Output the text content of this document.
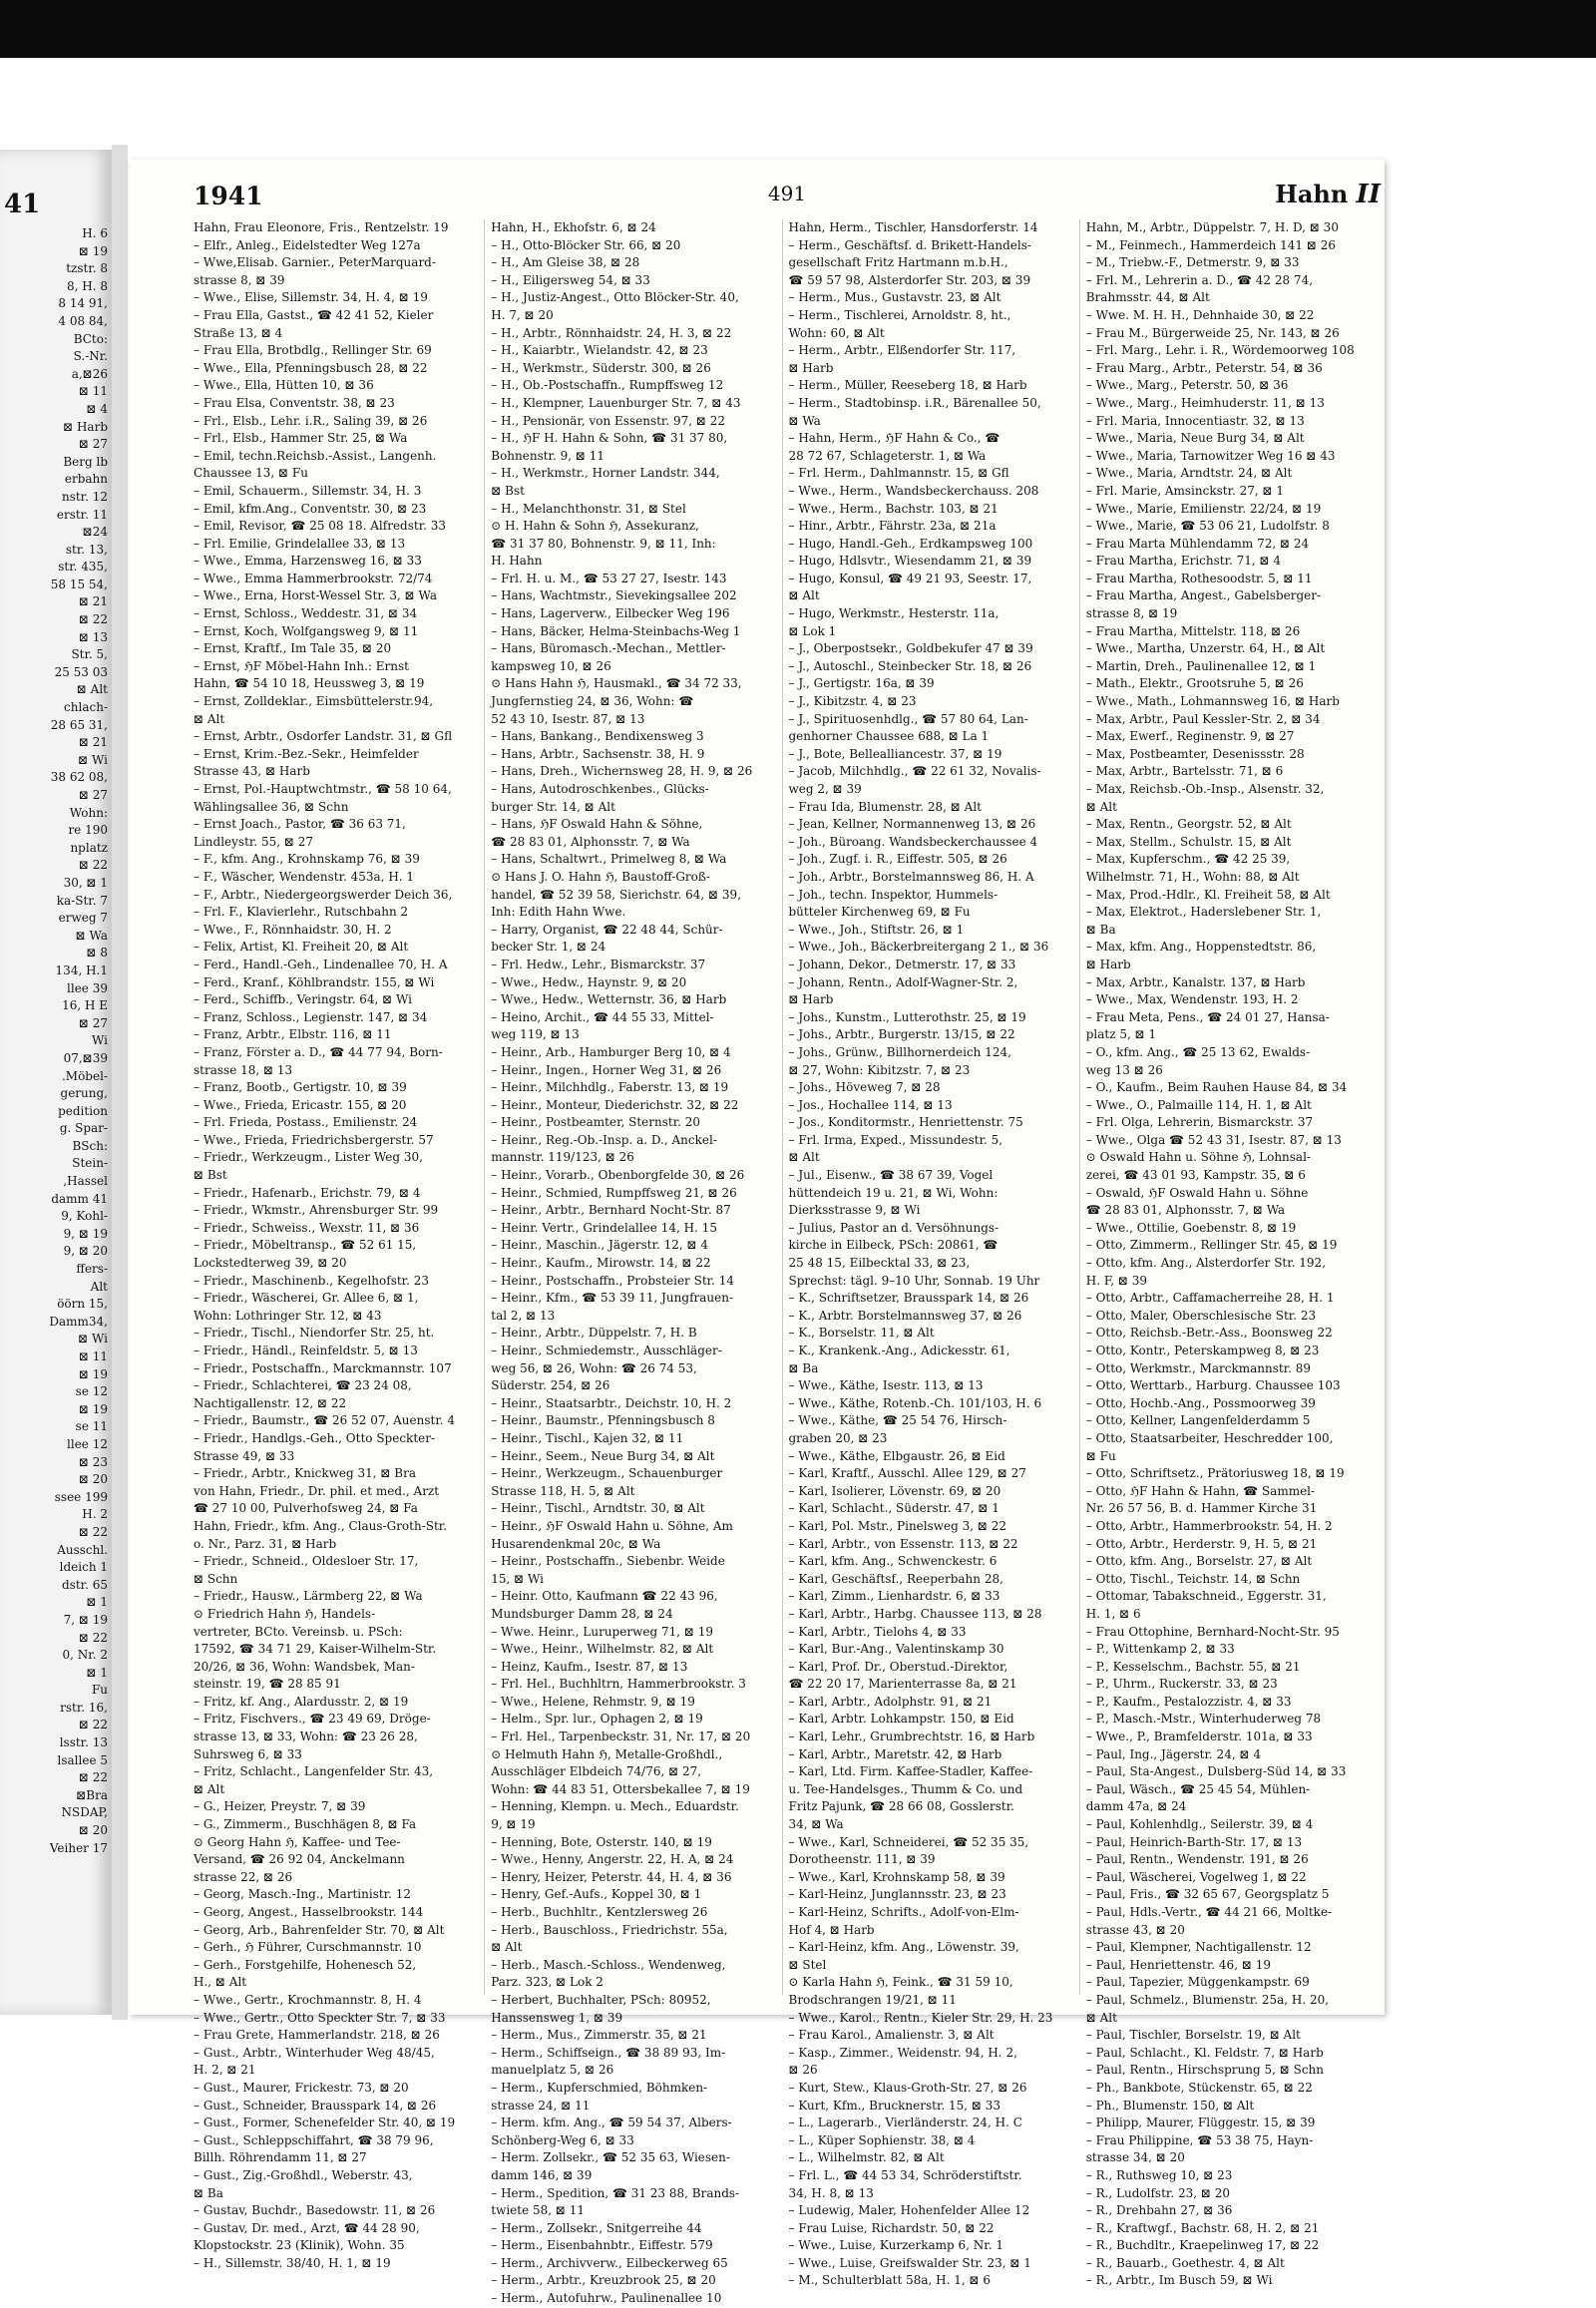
41
H. 6
⊠ 19
tzstr. 8
8, H. 8
8 14 91,
4 08 84,
BCto:
S.-Nr.
a,⊠26
⊠ 11
⊠ 4
⊠ Harb
⊠ 27
Berg lb
erbahn
nstr. 12
erstr. 11
⊠24
str. 13,
str. 435,
58 15 54,
⊠ 21
⊠ 22
⊠ 13
Str. 5,
25 53 03
⊠ Alt
chlach-
28 65 31,
⊠ 21
⊠ Wi
38 62 08,
⊠ 27
Wohn:
re 190
nplatz
⊠ 22
30, ⊠ 1
ka-Str. 7
erweg 7
⊠ Wa
⊠ 8
134, H.1
llee 39
16, H E
⊠ 27
Wi
07,⊠39
.Möbel-
gerung,
pedition
g. Spar-
BSch:
Stein-
,Hassel
damm 41
9, Kohl-
9, ⊠ 19
9, ⊠ 20
ffers-
Alt
öörn 15,
Damm34,
⊠ Wi
⊠ 11
⊠ 19
se 12
⊠ 19
se 11
llee 12
⊠ 23
⊠ 20
ssee 199
H. 2
⊠ 22
Ausschl.
ldeich 1
dstr. 65
⊠ 1
7, ⊠ 19
⊠ 22
0, Nr. 2
⊠ 1
Fu
rstr. 16,
⊠ 22
lsstr. 13
lsallee 5
⊠ 22
⊠Bra
NSDAP,
⊠ 20
Veiher 17
1941	491	Hahn II
Hahn, Frau Eleonore, Fris., Rentzelstr. 19
– Elfr., Anleg., Eidelstedter Weg 127a
– Wwe,Elisab. Garnier., PeterMarquard-
strasse 8, ⊠ 39
– Wwe., Elise, Sillemstr. 34, H. 4, ⊠ 19
– Frau Ella, Gastst., ☎ 42 41 52, Kieler
Straße 13, ⊠ 4
– Frau Ella, Brotbdlg., Rellinger Str. 69
– Wwe., Ella, Pfenningsbusch 28, ⊠ 22
– Wwe., Ella, Hütten 10, ⊠ 36
– Frau Elsa, Conventstr. 38, ⊠ 23
– Frl., Elsb., Lehr. i.R., Saling 39, ⊠ 26
– Frl., Elsb., Hammer Str. 25, ⊠ Wa
– Emil, techn.Reichsb.-Assist., Langenh.
Chaussee 13, ⊠ Fu
– Emil, Schauerm., Sillemstr. 34, H. 3
– Emil, kfm.Ang., Conventstr. 30, ⊠ 23
– Emil, Revisor, ☎ 25 08 18. Alfredstr. 33
– Frl. Emilie, Grindelallee 33, ⊠ 13
– Wwe., Emma, Harzensweg 16, ⊠ 33
– Wwe., Emma Hammerbrookstr. 72/74
– Wwe., Erna, Horst-Wessel Str. 3, ⊠ Wa
– Ernst, Schloss., Weddestr. 31, ⊠ 34
– Ernst, Koch, Wolfgangsweg 9, ⊠ 11
– Ernst, Kraftf., Im Tale 35, ⊠ 20
– Ernst, ℌF Möbel-Hahn Inh.: Ernst
Hahn, ☎ 54 10 18, Heussweg 3, ⊠ 19
– Ernst, Zolldeklar., Eimsbüttelerstr.94,
⊠ Alt
– Ernst, Arbtr., Osdorfer Landstr. 31, ⊠ Gfl
– Ernst, Krim.-Bez.-Sekr., Heimfelder
Strasse 43, ⊠ Harb
– Ernst, Pol.-Hauptwchtmstr., ☎ 58 10 64,
Wählingsallee 36, ⊠ Schn
– Ernst Joach., Pastor, ☎ 36 63 71,
Lindleystr. 55, ⊠ 27
– F., kfm. Ang., Krohnskamp 76, ⊠ 39
– F., Wäscher, Wendenstr. 453a, H. 1
– F., Arbtr., Niedergeorgswerder Deich 36,
– Frl. F., Klavierlehr., Rutschbahn 2
– Wwe., F., Rönnhaidstr. 30, H. 2
– Felix, Artist, Kl. Freiheit 20, ⊠ Alt
– Ferd., Handl.-Geh., Lindenallee 70, H. A
– Ferd., Kranf., Köhlbrandstr. 155, ⊠ Wi
– Ferd., Schiffb., Veringstr. 64, ⊠ Wi
– Franz, Schloss., Legienstr. 147, ⊠ 34
– Franz, Arbtr., Elbstr. 116, ⊠ 11
– Franz, Förster a. D., ☎ 44 77 94, Born-
strasse 18, ⊠ 13
– Franz, Bootb., Gertigstr. 10, ⊠ 39
– Wwe., Frieda, Ericastr. 155, ⊠ 20
– Frl. Frieda, Postass., Emilienstr. 24
– Wwe., Frieda, Friedrichsbergerstr. 57
– Friedr., Werkzeugm., Lister Weg 30,
⊠ Bst
– Friedr., Hafenarb., Erichstr. 79, ⊠ 4
– Friedr., Wkmstr., Ahrensburger Str. 99
– Friedr., Schweiss., Wexstr. 11, ⊠ 36
– Friedr., Möbeltransp., ☎ 52 61 15,
Lockstedterweg 39, ⊠ 20
– Friedr., Maschinenb., Kegelhofstr. 23
– Friedr., Wäscherei, Gr. Allee 6, ⊠ 1,
Wohn: Lothringer Str. 12, ⊠ 43
– Friedr., Tischl., Niendorfer Str. 25, ht.
– Friedr., Händl., Reinfeldstr. 5, ⊠ 13
– Friedr., Postschaffn., Marckmannstr. 107
– Friedr., Schlachterei, ☎ 23 24 08,
Nachtigallenstr. 12, ⊠ 22
– Friedr., Baumstr., ☎ 26 52 07, Auenstr. 4
– Friedr., Handlgs.-Geh., Otto Speckter-
Strasse 49, ⊠ 33
– Friedr., Arbtr., Knickweg 31, ⊠ Bra
von Hahn, Friedr., Dr. phil. et med., Arzt
☎ 27 10 00, Pulverhofsweg 24, ⊠ Fa
Hahn, Friedr., kfm. Ang., Claus-Groth-Str.
o. Nr., Parz. 31, ⊠ Harb
– Friedr., Schneid., Oldesloer Str. 17,
⊠ Schn
– Friedr., Hausw., Lärmberg 22, ⊠ Wa
⊙ Friedrich Hahn ℌ, Handels-
vertreter, BCto. Vereinsb. u. PSch:
17592, ☎ 34 71 29, Kaiser-Wilhelm-Str.
20/26, ⊠ 36, Wohn: Wandsbek, Man-
steinstr. 19, ☎ 28 85 91
– Fritz, kf. Ang., Alardusstr. 2, ⊠ 19
– Fritz, Fischvers., ☎ 23 49 69, Dröge-
strasse 13, ⊠ 33, Wohn: ☎ 23 26 28,
Suhrsweg 6, ⊠ 33
– Fritz, Schlacht., Langenfelder Str. 43,
⊠ Alt
– G., Heizer, Preystr. 7, ⊠ 39
– G., Zimmerm., Buschhägen 8, ⊠ Fa
⊙ Georg Hahn ℌ, Kaffee- und Tee-
Versand, ☎ 26 92 04, Anckelmann
strasse 22, ⊠ 26
– Georg, Masch.-Ing., Martinistr. 12
– Georg, Angest., Hasselbrookstr. 144
– Georg, Arb., Bahrenfelder Str. 70, ⊠ Alt
– Gerh., ℌ Führer, Curschmannstr. 10
– Gerh., Forstgehilfe, Hohenesch 52,
H., ⊠ Alt
– Wwe., Gertr., Krochmannstr. 8, H. 4
– Wwe., Gertr., Otto Speckter Str. 7, ⊠ 33
– Frau Grete, Hammerlandstr. 218, ⊠ 26
– Gust., Arbtr., Winterhuder Weg 48/45,
H. 2, ⊠ 21
– Gust., Maurer, Frickestr. 73, ⊠ 20
– Gust., Schneider, Brausspark 14, ⊠ 26
– Gust., Former, Schenefelder Str. 40, ⊠ 19
– Gust., Schleppschiffahrt, ☎ 38 79 96,
Billh. Röhrendamm 11, ⊠ 27
– Gust., Zig.-Großhdl., Weberstr. 43,
⊠ Ba
– Gustav, Buchdr., Basedowstr. 11, ⊠ 26
– Gustav, Dr. med., Arzt, ☎ 44 28 90,
Klopstockstr. 23 (Klinik), Wohn. 35
– H., Sillemstr. 38/40, H. 1, ⊠ 19
Hahn, H., Ekhofstr. 6, ⊠ 24
– H., Otto-Blöcker Str. 66, ⊠ 20
– H., Am Gleise 38, ⊠ 28
– H., Eiligersweg 54, ⊠ 33
– H., Justiz-Angest., Otto Blöcker-Str. 40,
H. 7, ⊠ 20
– H., Arbtr., Rönnhaidstr. 24, H. 3, ⊠ 22
– H., Kaiarbtr., Wielandstr. 42, ⊠ 23
– H., Werkmstr., Süderstr. 300, ⊠ 26
– H., Ob.-Postschaffn., Rumpffsweg 12
– H., Klempner, Lauenburger Str. 7, ⊠ 43
– H., Pensionär, von Essenstr. 97, ⊠ 22
– H., ℌF H. Hahn & Sohn, ☎ 31 37 80,
Bohnenstr. 9, ⊠ 11
– H., Werkmstr., Horner Landstr. 344,
⊠ Bst
– H., Melanchthonstr. 31, ⊠ Stel
⊙ H. Hahn & Sohn ℌ, Assekuranz,
☎ 31 37 80, Bohnenstr. 9, ⊠ 11, Inh:
H. Hahn
– Frl. H. u. M., ☎ 53 27 27, Isestr. 143
– Hans, Wachtmstr., Sievekingsallee 202
– Hans, Lagerverw., Eilbecker Weg 196
– Hans, Bäcker, Helma-Steinbachs-Weg 1
– Hans, Büromasch.-Mechan., Mettler-
kampsweg 10, ⊠ 26
⊙ Hans Hahn ℌ, Hausmakl., ☎ 34 72 33,
Jungfernstieg 24, ⊠ 36, Wohn: ☎
52 43 10, Isestr. 87, ⊠ 13
– Hans, Bankang., Bendixensweg 3
– Hans, Arbtr., Sachsenstr. 38, H. 9
– Hans, Dreh., Wichernsweg 28, H. 9, ⊠ 26
– Hans, Autodroschkenbes., Glücks-
burger Str. 14, ⊠ Alt
– Hans, ℌF Oswald Hahn & Söhne,
☎ 28 83 01, Alphonsstr. 7, ⊠ Wa
– Hans, Schaltwrt., Primelweg 8, ⊠ Wa
⊙ Hans J. O. Hahn ℌ, Baustoff-Groß-
handel, ☎ 52 39 58, Sierichstr. 64, ⊠ 39,
Inh: Edith Hahn Wwe.
– Harry, Organist, ☎ 22 48 44, Schür-
becker Str. 1, ⊠ 24
– Frl. Hedw., Lehr., Bismarckstr. 37
– Wwe., Hedw., Haynstr. 9, ⊠ 20
– Wwe., Hedw., Wetternstr. 36, ⊠ Harb
– Heino, Archit., ☎ 44 55 33, Mittel-
weg 119, ⊠ 13
– Heinr., Arb., Hamburger Berg 10, ⊠ 4
– Heinr., Ingen., Horner Weg 31, ⊠ 26
– Heinr., Milchhdlg., Faberstr. 13, ⊠ 19
– Heinr., Monteur, Diederichstr. 32, ⊠ 22
– Heinr., Postbeamter, Sternstr. 20
– Heinr., Reg.-Ob.-Insp. a. D., Anckel-
mannstr. 119/123, ⊠ 26
– Heinr., Vorarb., Obenborgfelde 30, ⊠ 26
– Heinr., Schmied, Rumpffsweg 21, ⊠ 26
– Heinr., Arbtr., Bernhard Nocht-Str. 87
– Heinr. Vertr., Grindelallee 14, H. 15
– Heinr., Maschin., Jägerstr. 12, ⊠ 4
– Heinr., Kaufm., Mirowstr. 14, ⊠ 22
– Heinr., Postschaffn., Probsteier Str. 14
– Heinr., Kfm., ☎ 53 39 11, Jungfrauen-
tal 2, ⊠ 13
– Heinr., Arbtr., Düppelstr. 7, H. B
– Heinr., Schmiedemstr., Ausschläger-
weg 56, ⊠ 26, Wohn: ☎ 26 74 53,
Süderstr. 254, ⊠ 26
– Heinr., Staatsarbtr., Deichstr. 10, H. 2
– Heinr., Baumstr., Pfenningsbusch 8
– Heinr., Tischl., Kajen 32, ⊠ 11
– Heinr., Seem., Neue Burg 34, ⊠ Alt
– Heinr., Werkzeugm., Schauenburger
Strasse 118, H. 5, ⊠ Alt
– Heinr., Tischl., Arndtstr. 30, ⊠ Alt
– Heinr., ℌF Oswald Hahn u. Söhne, Am
Husarendenkmal 20c, ⊠ Wa
– Heinr., Postschaffn., Siebenbr. Weide
15, ⊠ Wi
– Heinr. Otto, Kaufmann ☎ 22 43 96,
Mundsburger Damm 28, ⊠ 24
– Wwe. Heinr., Luruperweg 71, ⊠ 19
– Wwe., Heinr., Wilhelmstr. 82, ⊠ Alt
– Heinz, Kaufm., Isestr. 87, ⊠ 13
– Frl. Hel., Buchhltrn, Hammerbrookstr. 3
– Wwe., Helene, Rehmstr. 9, ⊠ 19
– Helm., Spr. lur., Ophagen 2, ⊠ 19
– Frl. Hel., Tarpenbeckstr. 31, Nr. 17, ⊠ 20
⊙ Helmuth Hahn ℌ, Metalle-Großhdl.,
Ausschläger Elbdeich 74/76, ⊠ 27,
Wohn: ☎ 44 83 51, Ottersbekallee 7, ⊠ 19
– Henning, Klempn. u. Mech., Eduardstr.
9, ⊠ 19
– Henning, Bote, Osterstr. 140, ⊠ 19
– Wwe., Henny, Angerstr. 22, H. A, ⊠ 24
– Henry, Heizer, Peterstr. 44, H. 4, ⊠ 36
– Henry, Gef.-Aufs., Koppel 30, ⊠ 1
– Herb., Buchhltr., Kentzlersweg 26
– Herb., Bauschloss., Friedrichstr. 55a,
⊠ Alt
– Herb., Masch.-Schloss., Wendenweg,
Parz. 323, ⊠ Lok 2
– Herbert, Buchhalter, PSch: 80952,
Hanssensweg 1, ⊠ 39
– Herm., Mus., Zimmerstr. 35, ⊠ 21
– Herm., Schiffseign., ☎ 38 89 93, Im-
manuelplatz 5, ⊠ 26
– Herm., Kupferschmied, Böhmken-
strasse 24, ⊠ 11
– Herm. kfm. Ang., ☎ 59 54 37, Albers-
Schönberg-Weg 6, ⊠ 33
– Herm. Zollsekr., ☎ 52 35 63, Wiesen-
damm 146, ⊠ 39
– Herm., Spedition, ☎ 31 23 88, Brands-
twiete 58, ⊠ 11
– Herm., Zollsekr., Snitgerreihe 44
– Herm., Eisenbahnbtr., Eiffestr. 579
– Herm., Archivverw., Eilbeckerweg 65
– Herm., Arbtr., Kreuzbrook 25, ⊠ 20
– Herm., Autofuhrw., Paulinenallee 10
Hahn, Herm., Tischler, Hansdorferstr. 14
– Herm., Geschäftsf. d. Brikett-Handels-
gesellschaft Fritz Hartmann m.b.H.,
☎ 59 57 98, Alsterdorfer Str. 203, ⊠ 39
– Herm., Mus., Gustavstr. 23, ⊠ Alt
– Herm., Tischlerei, Arnoldstr. 8, ht.,
Wohn: 60, ⊠ Alt
– Herm., Arbtr., Elßendorfer Str. 117,
⊠ Harb
– Herm., Müller, Reeseberg 18, ⊠ Harb
– Herm., Stadtobinsp. i.R., Bärenallee 50,
⊠ Wa
– Hahn, Herm., ℌF Hahn & Co., ☎
28 72 67, Schlageterstr. 1, ⊠ Wa
– Frl. Herm., Dahlmannstr. 15, ⊠ Gfl
– Wwe., Herm., Wandsbeckerchauss. 208
– Wwe., Herm., Bachstr. 103, ⊠ 21
– Hinr., Arbtr., Fährstr. 23a, ⊠ 21a
– Hugo, Handl.-Geh., Erdkampsweg 100
– Hugo, Hdlsvtr., Wiesendamm 21, ⊠ 39
– Hugo, Konsul, ☎ 49 21 93, Seestr. 17,
⊠ Alt
– Hugo, Werkmstr., Hesterstr. 11a,
⊠ Lok 1
– J., Oberpostsekr., Goldbekufer 47 ⊠ 39
– J., Autoschl., Steinbecker Str. 18, ⊠ 26
– J., Gertigstr. 16a, ⊠ 39
– J., Kibitzstr. 4, ⊠ 23
– J., Spirituosenhdlg., ☎ 57 80 64, Lan-
genhorner Chaussee 688, ⊠ La 1
– J., Bote, Bellealliancestr. 37, ⊠ 19
– Jacob, Milchhdlg., ☎ 22 61 32, Novalis-
weg 2, ⊠ 39
– Frau Ida, Blumenstr. 28, ⊠ Alt
– Jean, Kellner, Normannenweg 13, ⊠ 26
– Joh., Büroang. Wandsbeckerchaussee 4
– Joh., Zugf. i. R., Eiffestr. 505, ⊠ 26
– Joh., Arbtr., Borstelmannsweg 86, H. A
– Joh., techn. Inspektor, Hummels-
bütteler Kirchenweg 69, ⊠ Fu
– Wwe., Joh., Stiftstr. 26, ⊠ 1
– Wwe., Joh., Bäckerbreitergang 2 1., ⊠ 36
– Johann, Dekor., Detmerstr. 17, ⊠ 33
– Johann, Rentn., Adolf-Wagner-Str. 2,
⊠ Harb
– Johs., Kunstm., Lutterothstr. 25, ⊠ 19
– Johs., Arbtr., Burgerstr. 13/15, ⊠ 22
– Johs., Grünw., Billhornerdeich 124,
⊠ 27, Wohn: Kibitzstr. 7, ⊠ 23
– Johs., Höveweg 7, ⊠ 28
– Jos., Hochallee 114, ⊠ 13
– Jos., Konditormstr., Henriettenstr. 75
– Frl. Irma, Exped., Missundestr. 5,
⊠ Alt
– Jul., Eisenw., ☎ 38 67 39, Vogel
hüttendeich 19 u. 21, ⊠ Wi, Wohn:
Dierksstrasse 9, ⊠ Wi
– Julius, Pastor an d. Versöhnungs-
kirche in Eilbeck, PSch: 20861, ☎
25 48 15, Eilbecktal 33, ⊠ 23,
Sprechst: tägl. 9–10 Uhr, Sonnab. 19 Uhr
– K., Schriftsetzer, Brausspark 14, ⊠ 26
– K., Arbtr. Borstelmannsweg 37, ⊠ 26
– K., Borselstr. 11, ⊠ Alt
– K., Krankenk.-Ang., Adickesstr. 61,
⊠ Ba
– Wwe., Käthe, Isestr. 113, ⊠ 13
– Wwe., Käthe, Rotenb.-Ch. 101/103, H. 6
– Wwe., Käthe, ☎ 25 54 76, Hirsch-
graben 20, ⊠ 23
– Wwe., Käthe, Elbgaustr. 26, ⊠ Eid
– Karl, Kraftf., Ausschl. Allee 129, ⊠ 27
– Karl, Isolierer, Lövenstr. 69, ⊠ 20
– Karl, Schlacht., Süderstr. 47, ⊠ 1
– Karl, Pol. Mstr., Pinelsweg 3, ⊠ 22
– Karl, Arbtr., von Essenstr. 113, ⊠ 22
– Karl, kfm. Ang., Schwenckestr. 6
– Karl, Geschäftsf., Reeperbahn 28,
– Karl, Zimm., Lienhardstr. 6, ⊠ 33
– Karl, Arbtr., Harbg. Chaussee 113, ⊠ 28
– Karl, Arbtr., Tielohs 4, ⊠ 33
– Karl, Bur.-Ang., Valentinskamp 30
– Karl, Prof. Dr., Oberstud.-Direktor,
☎ 22 20 17, Marienterrasse 8a, ⊠ 21
– Karl, Arbtr., Adolphstr. 91, ⊠ 21
– Karl, Arbtr. Lohkampstr. 150, ⊠ Eid
– Karl, Lehr., Grumbrechtstr. 16, ⊠ Harb
– Karl, Arbtr., Maretstr. 42, ⊠ Harb
– Karl, Ltd. Firm. Kaffee-Stadler, Kaffee-
u. Tee-Handelsges., Thumm & Co. und
Fritz Pajunk, ☎ 28 66 08, Gosslerstr.
34, ⊠ Wa
– Wwe., Karl, Schneiderei, ☎ 52 35 35,
Dorotheenstr. 111, ⊠ 39
– Wwe., Karl, Krohnskamp 58, ⊠ 39
– Karl-Heinz, Junglannsstr. 23, ⊠ 23
– Karl-Heinz, Schrifts., Adolf-von-Elm-
Hof 4, ⊠ Harb
– Karl-Heinz, kfm. Ang., Löwenstr. 39,
⊠ Stel
⊙ Karla Hahn ℌ, Feink., ☎ 31 59 10,
Brodschrangen 19/21, ⊠ 11
– Wwe., Karol., Rentn., Kieler Str. 29, H. 23
– Frau Karol., Amalienstr. 3, ⊠ Alt
– Kasp., Zimmer., Weidenstr. 94, H. 2,
⊠ 26
– Kurt, Stew., Klaus-Groth-Str. 27, ⊠ 26
– Kurt, Kfm., Brucknerstr. 15, ⊠ 33
– L., Lagerarb., Vierländerstr. 24, H. C
– L., Küper Sophienstr. 38, ⊠ 4
– L., Wilhelmstr. 82, ⊠ Alt
– Frl. L., ☎ 44 53 34, Schröderstiftstr.
34, H. 8, ⊠ 13
– Ludewig, Maler, Hohenfelder Allee 12
– Frau Luise, Richardstr. 50, ⊠ 22
– Wwe., Luise, Kurzerkamp 6, Nr. 1
– Wwe., Luise, Greifswalder Str. 23, ⊠ 1
– M., Schulterblatt 58a, H. 1, ⊠ 6
Hahn, M., Arbtr., Düppelstr. 7, H. D, ⊠ 30
– M., Feinmech., Hammerdeich 141 ⊠ 26
– M., Triebw.-F., Detmerstr. 9, ⊠ 33
– Frl. M., Lehrerin a. D., ☎ 42 28 74,
Brahmsstr. 44, ⊠ Alt
– Wwe. M. H. H., Dehnhaide 30, ⊠ 22
– Frau M., Bürgerweide 25, Nr. 143, ⊠ 26
– Frl. Marg., Lehr. i. R., Wördemoorweg 108
– Frau Marg., Arbtr., Peterstr. 54, ⊠ 36
– Wwe., Marg., Peterstr. 50, ⊠ 36
– Wwe., Marg., Heimhuderstr. 11, ⊠ 13
– Frl. Maria, Innocentiastr. 32, ⊠ 13
– Wwe., Maria, Neue Burg 34, ⊠ Alt
– Wwe., Maria, Tarnowitzer Weg 16 ⊠ 43
– Wwe., Maria, Arndtstr. 24, ⊠ Alt
– Frl. Marie, Amsinckstr. 27, ⊠ 1
– Wwe., Marie, Emilienstr. 22/24, ⊠ 19
– Wwe., Marie, ☎ 53 06 21, Ludolfstr. 8
– Frau Marta Mühlendamm 72, ⊠ 24
– Frau Martha, Erichstr. 71, ⊠ 4
– Frau Martha, Rothesoodstr. 5, ⊠ 11
– Frau Martha, Angest., Gabelsberger-
strasse 8, ⊠ 19
– Frau Martha, Mittelstr. 118, ⊠ 26
– Wwe., Martha, Unzerstr. 64, H., ⊠ Alt
– Martin, Dreh., Paulinenallee 12, ⊠ 1
– Math., Elektr., Grootsruhe 5, ⊠ 26
– Wwe., Math., Lohmannsweg 16, ⊠ Harb
– Max, Arbtr., Paul Kessler-Str. 2, ⊠ 34
– Max, Ewerf., Reginenstr. 9, ⊠ 27
– Max, Postbeamter, Desenissstr. 28
– Max, Arbtr., Bartelsstr. 71, ⊠ 6
– Max, Reichsb.-Ob.-Insp., Alsenstr. 32,
⊠ Alt
– Max, Rentn., Georgstr. 52, ⊠ Alt
– Max, Stellm., Schulstr. 15, ⊠ Alt
– Max, Kupferschm., ☎ 42 25 39,
Wilhelmstr. 71, H., Wohn: 88, ⊠ Alt
– Max, Prod.-Hdlr., Kl. Freiheit 58, ⊠ Alt
– Max, Elektrot., Haderslebener Str. 1,
⊠ Ba
– Max, kfm. Ang., Hoppenstedtstr. 86,
⊠ Harb
– Max, Arbtr., Kanalstr. 137, ⊠ Harb
– Wwe., Max, Wendenstr. 193, H. 2
– Frau Meta, Pens., ☎ 24 01 27, Hansa-
platz 5, ⊠ 1
– O., kfm. Ang., ☎ 25 13 62, Ewalds-
weg 13 ⊠ 26
– O., Kaufm., Beim Rauhen Hause 84, ⊠ 34
– Wwe., O., Palmaille 114, H. 1, ⊠ Alt
– Frl. Olga, Lehrerin, Bismarckstr. 37
– Wwe., Olga ☎ 52 43 31, Isestr. 87, ⊠ 13
⊙ Oswald Hahn u. Söhne ℌ, Lohnsal-
zerei, ☎ 43 01 93, Kampstr. 35, ⊠ 6
– Oswald, ℌF Oswald Hahn u. Söhne
☎ 28 83 01, Alphonsstr. 7, ⊠ Wa
– Wwe., Ottilie, Goebenstr. 8, ⊠ 19
– Otto, Zimmerm., Rellinger Str. 45, ⊠ 19
– Otto, kfm. Ang., Alsterdorfer Str. 192,
H. F, ⊠ 39
– Otto, Arbtr., Caffamacherreihe 28, H. 1
– Otto, Maler, Oberschlesische Str. 23
– Otto, Reichsb.-Betr.-Ass., Boonsweg 22
– Otto, Kontr., Peterskampweg 8, ⊠ 23
– Otto, Werkmstr., Marckmannstr. 89
– Otto, Werttarb., Harburg. Chaussee 103
– Otto, Hochb.-Ang., Possmoorweg 39
– Otto, Kellner, Langenfelderdamm 5
– Otto, Staatsarbeiter, Heschredder 100,
⊠ Fu
– Otto, Schriftsetz., Prätoriusweg 18, ⊠ 19
– Otto, ℌF Hahn & Hahn, ☎ Sammel-
Nr. 26 57 56, B. d. Hammer Kirche 31
– Otto, Arbtr., Hammerbrookstr. 54, H. 2
– Otto, Arbtr., Herderstr. 9, H. 5, ⊠ 21
– Otto, kfm. Ang., Borselstr. 27, ⊠ Alt
– Otto, Tischl., Teichstr. 14, ⊠ Schn
– Ottomar, Tabakschneid., Eggerstr. 31,
H. 1, ⊠ 6
– Frau Ottophine, Bernhard-Nocht-Str. 95
– P., Wittenkamp 2, ⊠ 33
– P., Kesselschm., Bachstr. 55, ⊠ 21
– P., Uhrm., Ruckerstr. 33, ⊠ 23
– P., Kaufm., Pestalozzistr. 4, ⊠ 33
– P., Masch.-Mstr., Winterhuderweg 78
– Wwe., P., Bramfelderstr. 101a, ⊠ 33
– Paul, Ing., Jägerstr. 24, ⊠ 4
– Paul, Sta-Angest., Dulsberg-Süd 14, ⊠ 33
– Paul, Wäsch., ☎ 25 45 54, Mühlen-
damm 47a, ⊠ 24
– Paul, Kohlenhdlg., Seilerstr. 39, ⊠ 4
– Paul, Heinrich-Barth-Str. 17, ⊠ 13
– Paul, Rentn., Wendenstr. 191, ⊠ 26
– Paul, Wäscherei, Vogelweg 1, ⊠ 22
– Paul, Fris., ☎ 32 65 67, Georgsplatz 5
– Paul, Hdls.-Vertr., ☎ 44 21 66, Moltke-
strasse 43, ⊠ 20
– Paul, Klempner, Nachtigallenstr. 12
– Paul, Henriettenstr. 46, ⊠ 19
– Paul, Tapezier, Müggenkampstr. 69
– Paul, Schmelz., Blumenstr. 25a, H. 20,
⊠ Alt
– Paul, Tischler, Borselstr. 19, ⊠ Alt
– Paul, Schlacht., Kl. Feldstr. 7, ⊠ Harb
– Paul, Rentn., Hirschsprung 5, ⊠ Schn
– Ph., Bankbote, Stückenstr. 65, ⊠ 22
– Ph., Blumenstr. 150, ⊠ Alt
– Philipp, Maurer, Flüggestr. 15, ⊠ 39
– Frau Philippine, ☎ 53 38 75, Hayn-
strasse 34, ⊠ 20
– R., Ruthsweg 10, ⊠ 23
– R., Ludolfstr. 23, ⊠ 20
– R., Drehbahn 27, ⊠ 36
– R., Kraftwgf., Bachstr. 68, H. 2, ⊠ 21
– R., Buchdltr., Kraepelinweg 17, ⊠ 22
– R., Bauarb., Goethestr. 4, ⊠ Alt
– R., Arbtr., Im Busch 59, ⊠ Wi
